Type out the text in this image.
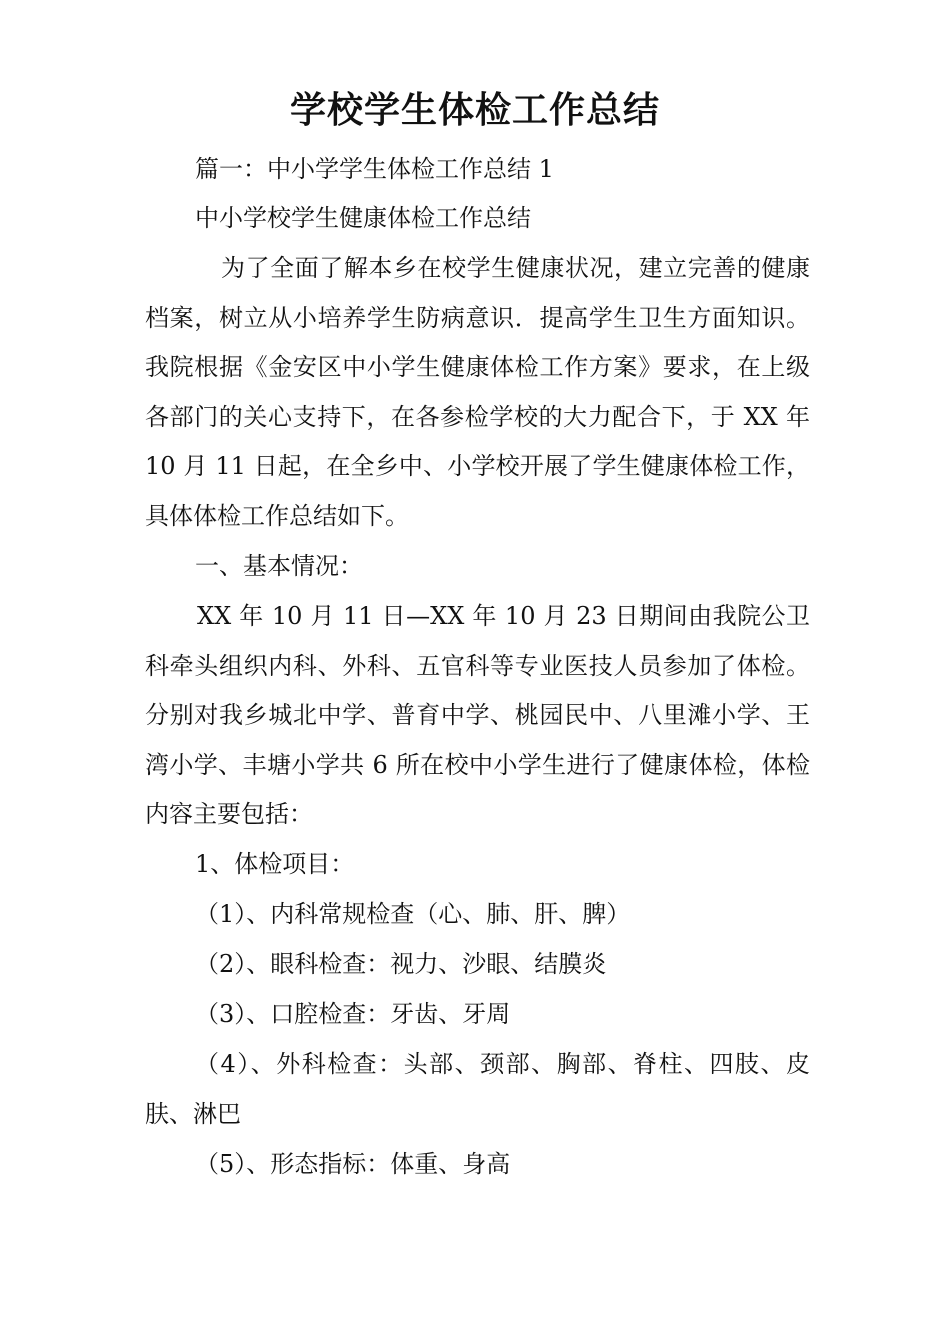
学校学生体检工作总结
篇一：中小学学生体检工作总结 1
中小学校学生健康体检工作总结
为了全面了解本乡在校学生健康状况，建立完善的健康档案，树立从小培养学生防病意识．提高学生卫生方面知识。我院根据《金安区中小学生健康体检工作方案》要求，在上级各部门的关心支持下，在各参检学校的大力配合下，于 XX 年 10 月 11 日起，在全乡中、小学校开展了学生健康体检工作，具体体检工作总结如下。
一、基本情况：
XX 年 10 月 11 日—XX 年 10 月 23 日期间由我院公卫科牵头组织内科、外科、五官科等专业医技人员参加了体检。分别对我乡城北中学、普育中学、桃园民中、八里滩小学、王湾小学、丰塘小学共 6 所在校中小学生进行了健康体检，体检内容主要包括：
1、体检项目：
（1）、内科常规检查（心、肺、肝、脾）
（2）、眼科检查：视力、沙眼、结膜炎
（3）、口腔检查：牙齿、牙周
（4）、外科检查：头部、颈部、胸部、脊柱、四肢、皮肤、淋巴
（5）、形态指标：体重、身高
